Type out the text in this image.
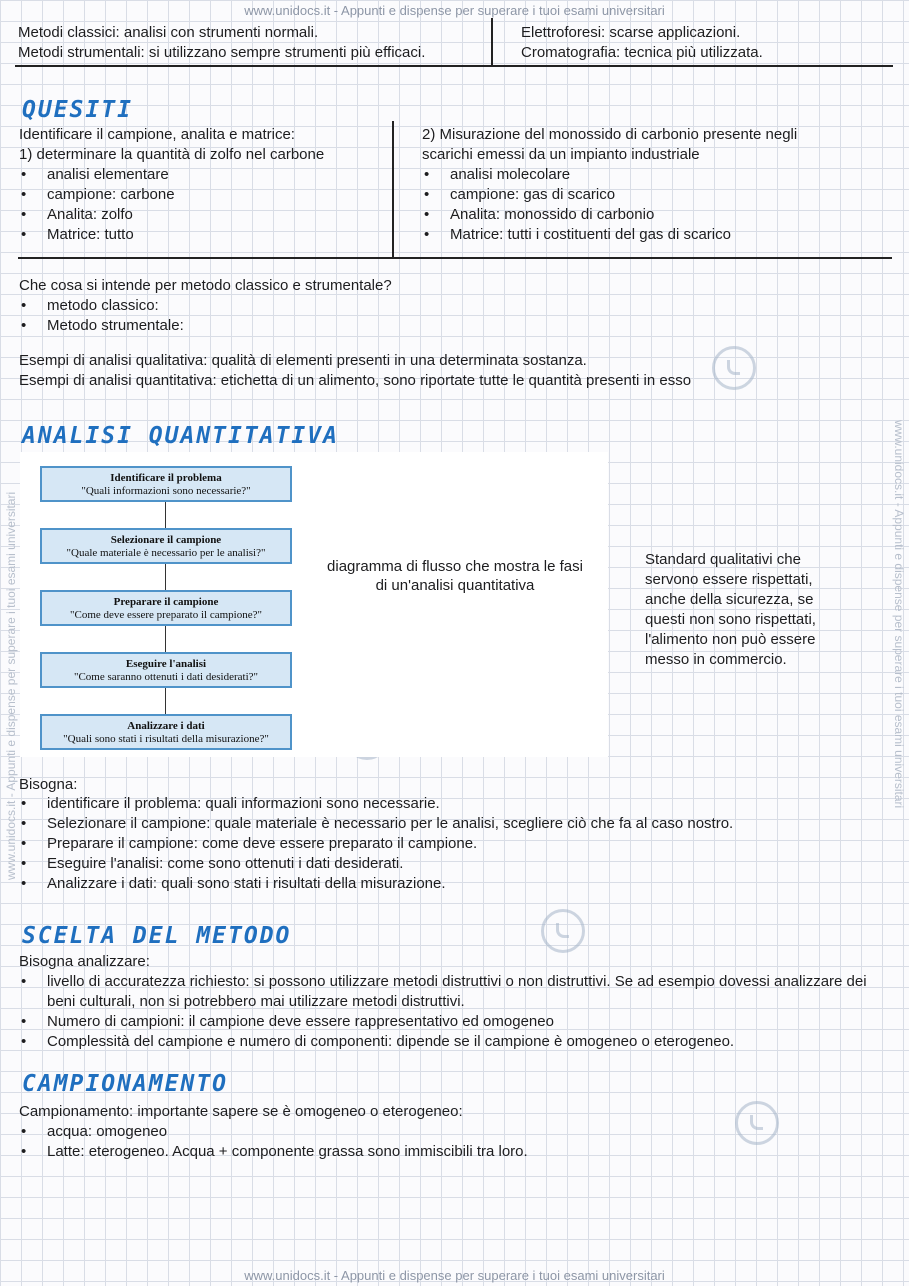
www.unidocs.it - Appunti e dispense per superare i tuoi esami universitari
www.unidocs.it - Appunti e dispense per superare i tuoi esami universitari
www.unidocs.it - Appunti e dispense per superare i tuoi esami universitari	www.unidocs.it - Appunti e dispense per superare i tuoi esami universitari
Metodi classici: analisi con strumenti normali.
Metodi strumentali: si utilizzano sempre strumenti più efficaci.
Elettroforesi: scarse applicazioni.
Cromatografia: tecnica più utilizzata.
QUESITI
Identificare il campione, analita e matrice:
1) determinare la quantità di zolfo nel carbone
• analisi elementare
• campione: carbone
• Analita: zolfo
• Matrice: tutto
2) Misurazione del monossido di carbonio presente negli
scarichi emessi da un impianto industriale
• analisi molecolare
• campione: gas di scarico
• Analita: monossido di carbonio
• Matrice: tutti i costituenti del gas di scarico
Che cosa si intende per metodo classico e strumentale?
• metodo classico:
• Metodo strumentale:
Esempi di analisi qualitativa: qualità di elementi presenti in una determinata sostanza.
Esempi di analisi quantitativa: etichetta di un alimento, sono riportate tutte le quantità presenti in esso
ANALISI QUANTITATIVA
Identificare il problema
"Quali informazioni sono necessarie?"
Selezionare il campione
"Quale materiale è necessario per le analisi?"
Preparare il campione
"Come deve essere preparato il campione?"
Eseguire l'analisi
"Come saranno ottenuti i dati desiderati?"
Analizzare i dati
"Quali sono stati i risultati della misurazione?"
diagramma di flusso che mostra le fasi
di un'analisi quantitativa
Standard qualitativi che
servono essere rispettati,
anche della sicurezza, se
questi non sono rispettati,
l'alimento non può essere
messo in commercio.
Bisogna:
• identificare il problema: quali informazioni sono necessarie.
• Selezionare il campione: quale materiale è necessario per le analisi, scegliere ciò che fa al caso nostro.
• Preparare il campione: come deve essere preparato il campione.
• Eseguire l'analisi: come sono ottenuti i dati desiderati.
• Analizzare i dati: quali sono stati i risultati della misurazione.
SCELTA DEL METODO
Bisogna analizzare:
• livello di accuratezza richiesto: si possono utilizzare metodi distruttivi o non distruttivi. Se ad esempio dovessi analizzare dei beni culturali, non si potrebbero mai utilizzare metodi distruttivi.
• Numero di campioni: il campione deve essere rappresentativo ed omogeneo
• Complessità del campione e numero di componenti: dipende se il campione è omogeneo o eterogeneo.
CAMPIONAMENTO
Campionamento: importante sapere se è omogeneo o eterogeneo:
• acqua: omogeneo
• Latte: eterogeneo. Acqua + componente grassa sono immiscibili tra loro.
